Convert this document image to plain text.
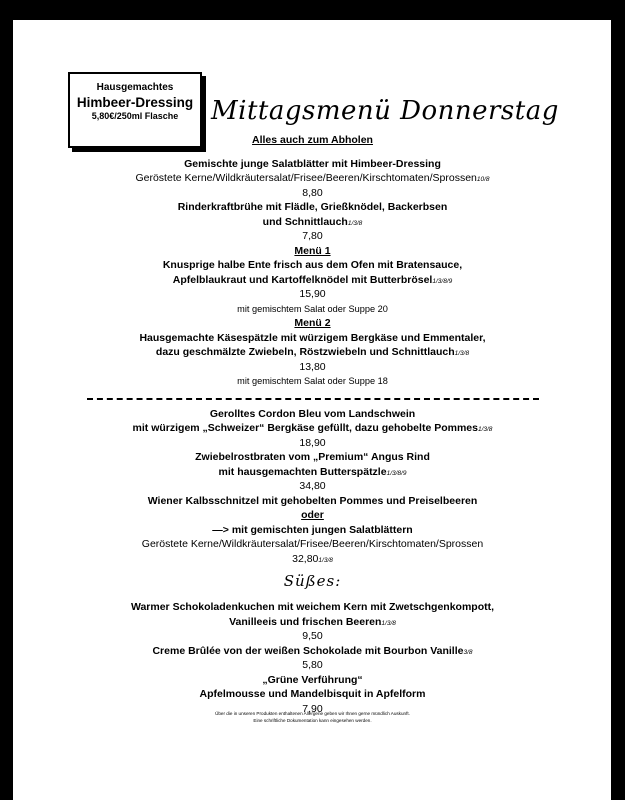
Hausgemachtes
Himbeer-Dressing
5,80€/250ml Flasche	Mittagsmenü Donnerstag
Alles auch zum Abholen
Gemischte junge Salatblätter mit Himbeer-Dressing
Geröstete Kerne/Wildkräutersalat/Frisee/Beeren/Kirschtomaten/Sprossen10/8
8,80
Rinderkraftbrühe mit Flädle, Grießknödel, Backerbsen
und Schnittlauch1/3/8
7,80
Menü 1
Knusprige halbe Ente frisch aus dem Ofen mit Bratensauce,
Apfelblaukraut und Kartoffelknödel mit Butterbrösel1/3/8/9
15,90
mit gemischtem Salat oder Suppe 20
Menü 2
Hausgemachte Käsespätzle mit würzigem Bergkäse und Emmentaler,
dazu geschmälzte Zwiebeln, Röstzwiebeln und Schnittlauch1/3/8
13,80
mit gemischtem Salat oder Suppe 18
Gerolltes Cordon Bleu vom Landschwein
mit würzigem „Schweizer“ Bergkäse gefüllt, dazu gehobelte Pommes1/3/8
18,90
Zwiebelrostbraten vom „Premium“ Angus Rind
mit hausgemachten Butterspätzle1/3/8/9
34,80
Wiener Kalbsschnitzel mit gehobelten Pommes und Preiselbeeren
oder
—> mit gemischten jungen Salatblättern
Geröstete Kerne/Wildkräutersalat/Frisee/Beeren/Kirschtomaten/Sprossen
32,801/3/8
Süßes:
Warmer Schokoladenkuchen mit weichem Kern mit Zwetschgenkompott,
Vanilleeis und frischen Beeren1/3/8
9,50
Creme Brûlée von der weißen Schokolade mit Bourbon Vanille3/8
5,80
„Grüne Verführung“
Apfelmousse und Mandelbisquit in Apfelform
7,90
Über die in unseren Produkten enthaltenen Allergene geben wir Ihnen gerne mündlich Auskunft.
Eine schriftliche Dokumentation kann eingesehen werden.
